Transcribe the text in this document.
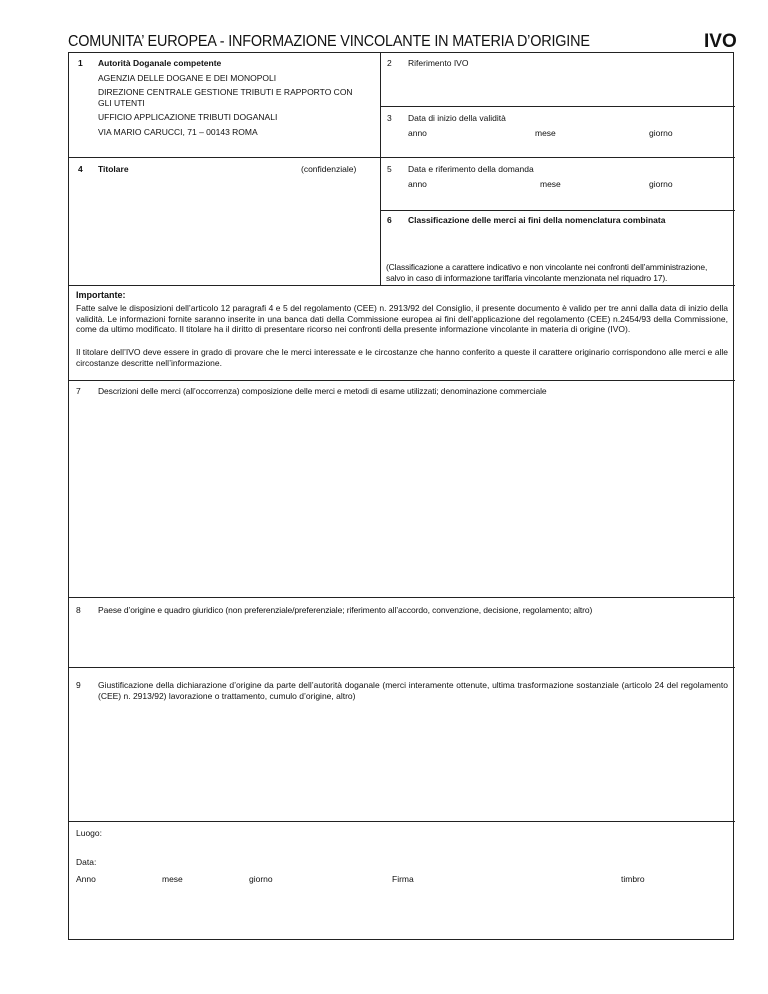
COMUNITA’ EUROPEA - INFORMAZIONE VINCOLANTE IN MATERIA D’ORIGINE	IVO
1 Autorità Doganale competente
AGENZIA DELLE DOGANE E DEI MONOPOLI
DIREZIONE CENTRALE GESTIONE TRIBUTI E RAPPORTO CON GLI UTENTI
UFFICIO APPLICAZIONE TRIBUTI DOGANALI
VIA MARIO CARUCCI, 71 – 00143 ROMA
2 Riferimento IVO
3 Data di inizio della validità
anno	mese	giorno
4 Titolare	(confidenziale)	5 Data e riferimento della domanda
anno	mese	giorno
6 Classificazione delle merci ai fini della nomenclatura combinata
(Classificazione a carattere indicativo e non vincolante nei confronti dell’amministrazione, salvo in caso di informazione tariffaria vincolante menzionata nel riquadro 17).
Importante:
Fatte salve le disposizioni dell’articolo 12 paragrafi 4 e 5 del regolamento (CEE) n. 2913/92 del Consiglio, il presente documento è valido per tre anni dalla data di inizio della validità. Le informazioni fornite saranno inserite in una banca dati della Commissione europea ai fini dell’applicazione del regolamento (CEE) n.2454/93 della Commissione, come da ultimo modificato. Il titolare ha il diritto di presentare ricorso nei confronti della presente informazione vincolante in materia di origine (IVO).
Il titolare dell’IVO deve essere in grado di provare che le merci interessate e le circostanze che hanno conferito a queste il carattere originario corrispondono alle merci e alle circostanze descritte nell’informazione.
7 Descrizioni delle merci (all’occorrenza) composizione delle merci e metodi di esame utilizzati; denominazione commerciale
8 Paese d’origine e quadro giuridico (non preferenziale/preferenziale; riferimento all’accordo, convenzione, decisione, regolamento; altro)
9 Giustificazione della dichiarazione d’origine da parte dell’autorità doganale (merci interamente ottenute, ultima trasformazione sostanziale (articolo 24 del regolamento (CEE) n. 2913/92) lavorazione o trattamento, cumulo d’origine, altro)
Luogo:
Data:
Anno	mese	giorno	Firma	timbro
